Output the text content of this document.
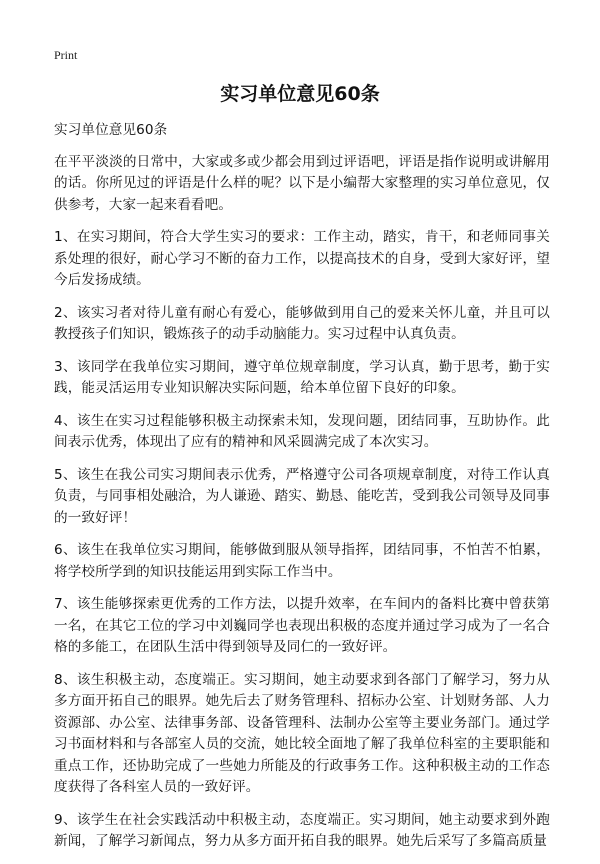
Print
实习单位意见60条

实习单位意见60条

在平平淡淡的日常中，大家或多或少都会用到过评语吧，评语是指作说明或讲解用的话。你所见过的评语是什么样的呢？以下是小编帮大家整理的实习单位意见，仅供参考，大家一起来看看吧。

1、在实习期间，符合大学生实习的要求：工作主动，踏实，肯干，和老师同事关系处理的很好，耐心学习不断的奋力工作，以提高技术的自身，受到大家好评，望今后发扬成绩。

2、该实习者对待儿童有耐心有爱心，能够做到用自己的爱来关怀儿童，并且可以教授孩子们知识，锻炼孩子的动手动脑能力。实习过程中认真负责。

3、该同学在我单位实习期间，遵守单位规章制度，学习认真，勤于思考，勤于实践，能灵活运用专业知识解决实际问题，给本单位留下良好的印象。

4、该生在实习过程能够积极主动探索未知，发现问题，团结同事，互助协作。此间表示优秀，体现出了应有的精神和风采圆满完成了本次实习。

5、该生在我公司实习期间表示优秀，严格遵守公司各项规章制度，对待工作认真负责，与同事相处融洽，为人谦逊、踏实、勤恳、能吃苦，受到我公司领导及同事的一致好评！

6、该生在我单位实习期间，能够做到服从领导指挥，团结同事，不怕苦不怕累，将学校所学到的知识技能运用到实际工作当中。

7、该生能够探索更优秀的工作方法，以提升效率，在车间内的备料比赛中曾获第一名，在其它工位的学习中刘巍同学也表现出积极的态度并通过学习成为了一名合格的多能工，在团队生活中得到领导及同仁的一致好评。

8、该生积极主动，态度端正。实习期间，她主动要求到各部门了解学习，努力从多方面开拓自己的眼界。她先后去了财务管理科、招标办公室、计划财务部、人力资源部、办公室、法律事务部、设备管理科、法制办公室等主要业务部门。通过学习书面材料和与各部室人员的交流，她比较全面地了解了我单位科室的主要职能和重点工作，还协助完成了一些她力所能及的行政事务工作。这种积极主动的工作态度获得了各科室人员的一致好评。

9、该学生在社会实践活动中积极主动，态度端正。实习期间，她主动要求到外跑新闻，了解学习新闻点，努力从多方面开拓自我的眼界。她先后采写了多篇高质量
